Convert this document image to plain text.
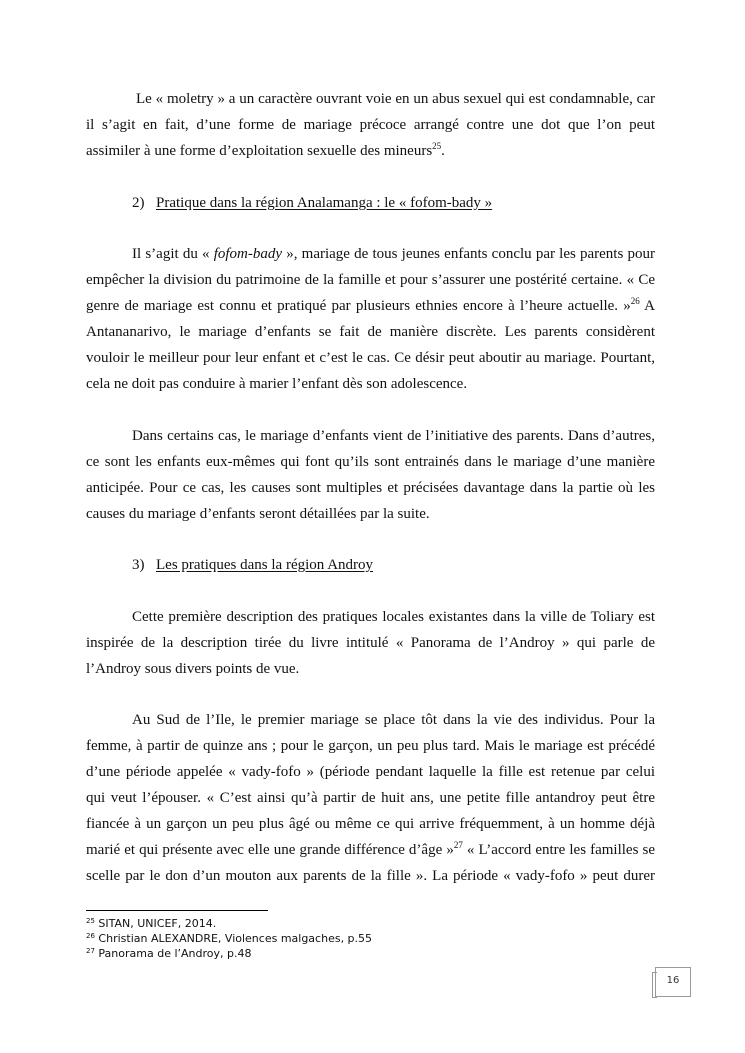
Le « moletry » a un caractère ouvrant voie en un abus sexuel qui est condamnable, car
il s’agit en fait, d’une forme de mariage précoce arrangé contre une dot que l’on peut
assimiler à une forme d’exploitation sexuelle des mineurs$^{25}$.
2) Pratique dans la région Analamanga : le « fofom-bady »
Il s’agit du « fofom-bady », mariage de tous jeunes enfants conclu par les parents pour
empêcher la division du patrimoine de la famille et pour s’assurer une postérité certaine. « Ce
genre de mariage est connu et pratiqué par plusieurs ethnies encore à l’heure actuelle. »$^{26}$ A
Antananarivo, le mariage d’enfants se fait de manière discrète. Les parents considèrent
vouloir le meilleur pour leur enfant et c’est le cas. Ce désir peut aboutir au mariage. Pourtant,
cela ne doit pas conduire à marier l’enfant dès son adolescence.
Dans certains cas, le mariage d’enfants vient de l’initiative des parents. Dans d’autres,
ce sont les enfants eux-mêmes qui font qu’ils sont entrainés dans le mariage d’une manière
anticipée. Pour ce cas, les causes sont multiples et précisées davantage dans la partie où les
causes du mariage d’enfants seront détaillées par la suite.
3) Les pratiques dans la région Androy
Cette première description des pratiques locales existantes dans la ville de Toliary est
inspirée de la description tirée du livre intitulé « Panorama de l’Androy » qui parle de
l’Androy sous divers points de vue.
Au Sud de l’Ile, le premier mariage se place tôt dans la vie des individus. Pour la
femme, à partir de quinze ans ; pour le garçon, un peu plus tard. Mais le mariage est précédé
d’une période appelée « vady-fofo » (période pendant laquelle la fille est retenue par celui
qui veut l’épouser. « C’est ainsi qu’à partir de huit ans, une petite fille antandroy peut être
fiancée à un garçon un peu plus âgé ou même ce qui arrive fréquemment, à un homme déjà
marié et qui présente avec elle une grande différence d’âge »$^{27}$ « L’accord entre les familles se
scelle par le don d’un mouton aux parents de la fille ». La période « vady-fofo » peut durer
$^{25}$ SITAN, UNICEF, 2014.
$^{26}$ Christian ALEXANDRE, Violences malgaches, p.55
$^{27}$ Panorama de l’Androy, p.48
16
